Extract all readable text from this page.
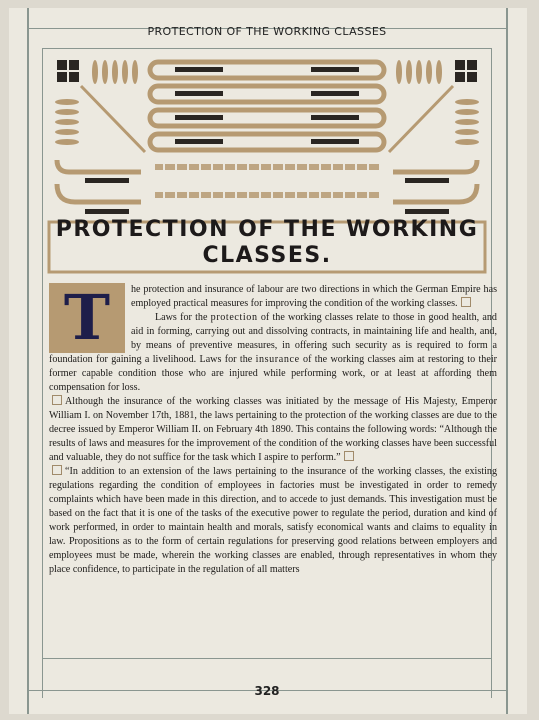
PROTECTION OF THE WORKING CLASSES
PROTECTION OF THE WORKING
CLASSES.
T	he protection and insurance of labour are two directions in which the German Empire has employed practical measures for improving the condition of the working classes.

Laws for the protection of the working classes relate to those in good health, and aid in forming, carrying out and dissolving contracts, in maintaining life and health, and, by means of preventive measures, in offering such security as is required to form a foundation for gaining a livelihood. Laws for the insurance of the working classes aim at restoring to their former capable condition those who are injured while performing work, or at least at affording them compensation for loss.

Although the insurance of the working classes was initiated by the message of His Majesty, Emperor William I. on November 17th, 1881, the laws pertaining to the protection of the working classes are due to the decree issued by Emperor William II. on February 4th 1890. This contains the following words: “Although the results of laws and measures for the improvement of the condition of the working classes have been successful and valuable, they do not suffice for the task which I aspire to perform.”

“In addition to an extension of the laws pertaining to the insurance of the working classes, the existing regulations regarding the condition of employees in factories must be investigated in order to remedy complaints which have been made in this direction, and to accede to just demands. This investigation must be based on the fact that it is one of the tasks of the executive power to regulate the period, duration and kind of work performed, in order to maintain health and morals, satisfy economical wants and claims to equality in law. Propositions as to the form of certain regulations for preserving good relations between employers and employees must be made, wherein the working classes are enabled, through representatives in whom they place confidence, to participate in the regulation of all matters

328
